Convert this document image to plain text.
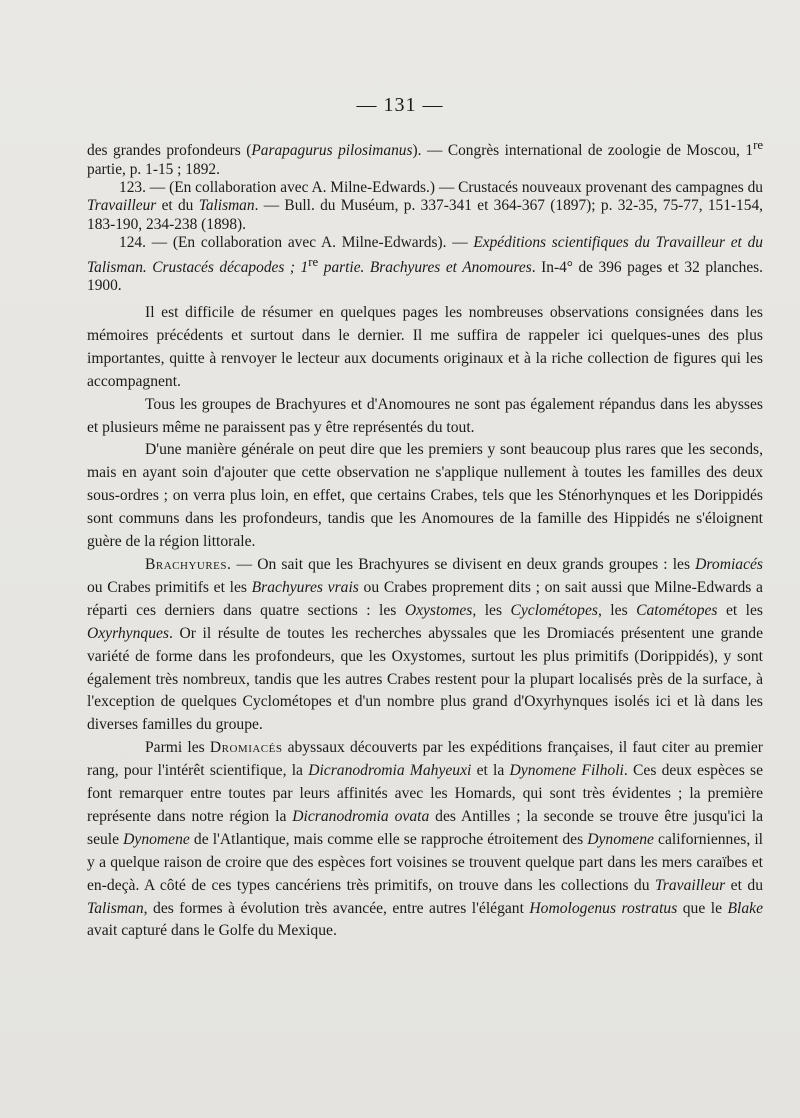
— 131 —

des grandes profondeurs (Parapagurus pilosimanus). — Congrès international de zoologie de Moscou, 1re partie, p. 1-15 ; 1892.

123. — (En collaboration avec A. Milne-Edwards.) — Crustacés nouveaux provenant des campagnes du Travailleur et du Talisman. — Bull. du Muséum, p. 337-341 et 364-367 (1897); p. 32-35, 75-77, 151-154, 183-190, 234-238 (1898).

124. — (En collaboration avec A. Milne-Edwards). — Expéditions scientifiques du Travailleur et du Talisman. Crustacés décapodes ; 1re partie. Brachyures et Anomoures. In-4° de 396 pages et 32 planches. 1900.

Il est difficile de résumer en quelques pages les nombreuses observations consignées dans les mémoires précédents et surtout dans le dernier. Il me suffira de rappeler ici quelques-unes des plus importantes, quitte à renvoyer le lecteur aux documents originaux et à la riche collection de figures qui les accompagnent.

Tous les groupes de Brachyures et d'Anomoures ne sont pas également répandus dans les abysses et plusieurs même ne paraissent pas y être représentés du tout.

D'une manière générale on peut dire que les premiers y sont beaucoup plus rares que les seconds, mais en ayant soin d'ajouter que cette observation ne s'applique nullement à toutes les familles des deux sous-ordres ; on verra plus loin, en effet, que certains Crabes, tels que les Sténorhynques et les Dorippidés sont communs dans les profondeurs, tandis que les Anomoures de la famille des Hippidés ne s'éloignent guère de la région littorale.

Brachyures. — On sait que les Brachyures se divisent en deux grands groupes : les Dromiacés ou Crabes primitifs et les Brachyures vrais ou Crabes proprement dits ; on sait aussi que Milne-Edwards a réparti ces derniers dans quatre sections : les Oxystomes, les Cyclométopes, les Catométopes et les Oxyrhynques. Or il résulte de toutes les recherches abyssales que les Dromiacés présentent une grande variété de forme dans les profondeurs, que les Oxystomes, surtout les plus primitifs (Dorippidés), y sont également très nombreux, tandis que les autres Crabes restent pour la plupart localisés près de la surface, à l'exception de quelques Cyclométopes et d'un nombre plus grand d'Oxyrhynques isolés ici et là dans les diverses familles du groupe.

Parmi les Dromiacés abyssaux découverts par les expéditions françaises, il faut citer au premier rang, pour l'intérêt scientifique, la Dicranodromia Mahyeuxi et la Dynomene Filholi. Ces deux espèces se font remarquer entre toutes par leurs affinités avec les Homards, qui sont très évidentes ; la première représente dans notre région la Dicranodromia ovata des Antilles ; la seconde se trouve être jusqu'ici la seule Dynomene de l'Atlantique, mais comme elle se rapproche étroitement des Dynomene californiennes, il y a quelque raison de croire que des espèces fort voisines se trouvent quelque part dans les mers caraïbes et en-deçà. A côté de ces types cancériens très primitifs, on trouve dans les collections du Travailleur et du Talisman, des formes à évolution très avancée, entre autres l'élégant Homologenus rostratus que le Blake avait capturé dans le Golfe du Mexique.
